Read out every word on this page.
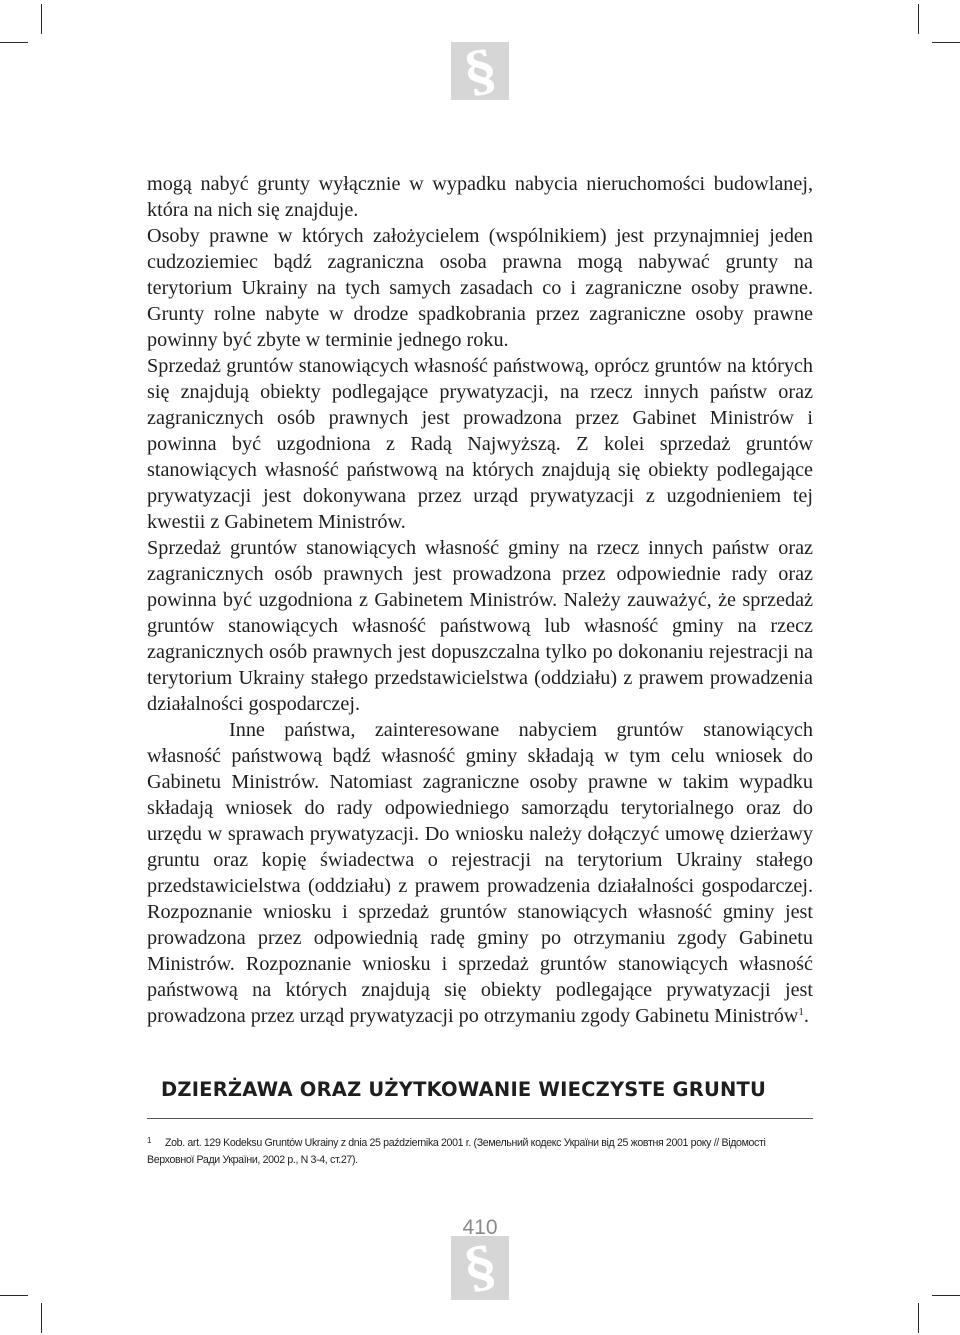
§

mogą nabyć grunty wyłącznie w wypadku nabycia nieruchomości budowlanej, która na nich się znajduje.

Osoby prawne w których założycielem (wspólnikiem) jest przynajmniej jeden cudzoziemiec bądź zagraniczna osoba prawna mogą nabywać grunty na terytorium Ukrainy na tych samych zasadach co i zagraniczne osoby prawne. Grunty rolne nabyte w drodze spadkobrania przez zagraniczne osoby prawne powinny być zbyte w terminie jednego roku.

Sprzedaż gruntów stanowiących własność państwową, oprócz gruntów na których się znajdują obiekty podlegające prywatyzacji, na rzecz innych państw oraz zagranicznych osób prawnych jest prowadzona przez Gabinet Ministrów i powinna być uzgodniona z Radą Najwyższą. Z kolei sprzedaż gruntów stanowiących własność państwową na których znajdują się obiekty podlegające prywatyzacji jest dokonywana przez urząd prywatyzacji z uzgodnieniem tej kwestii z Gabinetem Ministrów.

Sprzedaż gruntów stanowiących własność gminy na rzecz innych państw oraz zagranicznych osób prawnych jest prowadzona przez odpowiednie rady oraz powinna być uzgodniona z Gabinetem Ministrów. Należy zauważyć, że sprzedaż gruntów stanowiących własność państwową lub własność gminy na rzecz zagranicznych osób prawnych jest dopuszczalna tylko po dokonaniu rejestracji na terytorium Ukrainy stałego przedstawicielstwa (oddziału) z prawem prowadzenia działalności gospodarczej.

Inne państwa, zainteresowane nabyciem gruntów stanowiących własność państwową bądź własność gminy składają w tym celu wniosek do Gabinetu Ministrów. Natomiast zagraniczne osoby prawne w takim wypadku składają wniosek do rady odpowiedniego samorządu terytorialnego oraz do urzędu w sprawach prywatyzacji. Do wniosku należy dołączyć umowę dzierżawy gruntu oraz kopię świadectwa o rejestracji na terytorium Ukrainy stałego przedstawicielstwa (oddziału) z prawem prowadzenia działalności gospodarczej. Rozpoznanie wniosku i sprzedaż gruntów stanowiących własność gminy jest prowadzona przez odpowiednią radę gminy po otrzymaniu zgody Gabinetu Ministrów. Rozpoznanie wniosku i sprzedaż gruntów stanowiących własność państwową na których znajdują się obiekty podlegające prywatyzacji jest prowadzona przez urząd prywatyzacji po otrzymaniu zgody Gabinetu Ministrów$^1$.

DZIERŻAWA ORAZ UŻYTKOWANIE WIECZYSTE GRUNTU
1 Zob. art. 129 Kodeksu Gruntów Ukrainy z dnia 25 października 2001 r. (Земельний кодекс України від 25 жовтня 2001 року // Відомості Верховної Ради України, 2002 р., N 3-4, ст.27).
§
410
